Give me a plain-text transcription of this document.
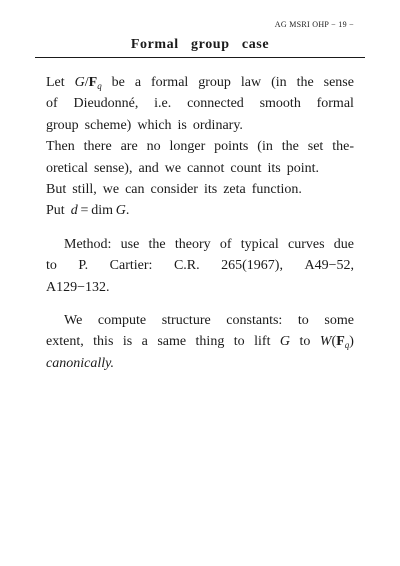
AG MSRI OHP − 19 −
Formal   group   case
Let $G/F_q$ be a formal group law (in the sense
of Dieudonné, i.e. connected smooth formal
group scheme) which is ordinary.
Then there are no longer points (in the set the-
oretical sense), and we cannot count its point.
But still, we can consider its zeta function.
Put d = dim G.
Method: use the theory of typical curves due
to P. Cartier: C.R. 265(1967), A49−52,
A129−132.
We compute structure constants: to some
extent, this is a same thing to lift G to $W(F_q)$
canonically.
